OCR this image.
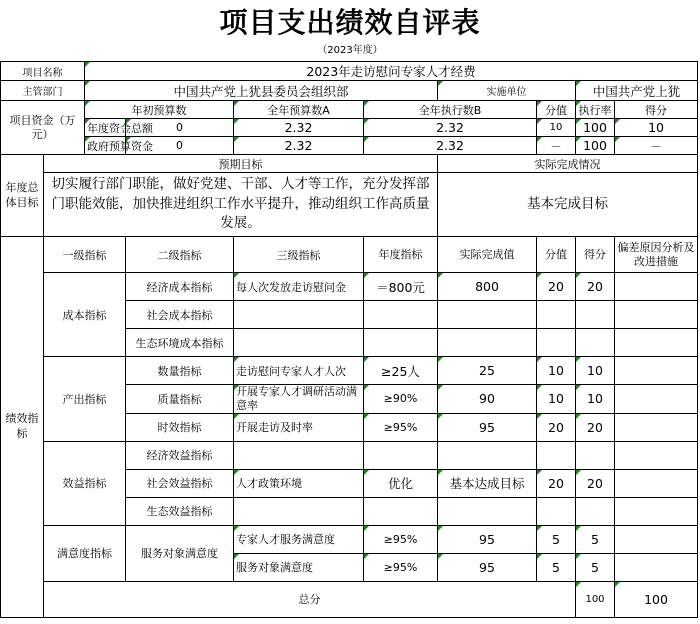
项目支出绩效自评表
（2023年度）
项目名称		2023年走访慰问专家人才经费								
主管部门		中国共产党上犹县委员会组织部				实施单位		中国共产党上犹		
项目资金（万元）		年初预算数		全年预算数A	全年执行数B		分值	执行率	得分	
		年度资金总额	0	2.32	2.32		10	100	10	
		政府预算资金	0	2.32	2.32		－	100	－	
年度总体目标	预期目标					实际完成情况				
	切实履行部门职能，做好党建、干部、人才等工作，充分发挥部门职能效能，加快推进组织工作水平提升，推动组织工作高质量发展。					基本完成目标				
绩效指标	一级指标		二级指标	三级指标	年度指标	实际完成值	分值	得分	偏差原因分析及改进措施	
	成本指标		经济成本指标	每人次发放走访慰问金	＝800元	800	20	20		
			社会成本指标							
			生态环境成本指标							
	产出指标		数量指标	走访慰问专家人才人次	≥25人	25	10	10		
			质量指标	开展专家人才调研活动满意率	≥90%	90	10	10		
			时效指标	开展走访及时率	≥95%	95	20	20		
	效益指标		经济效益指标							
			社会效益指标	人才政策环境	优化	基本达成目标	20	20		
			生态效益指标							
	满意度指标		服务对象满意度	专家人才服务满意度	≥95%	95	5	5		
				服务对象满意度	≥95%	95	5	5		
	总分							100	100	
